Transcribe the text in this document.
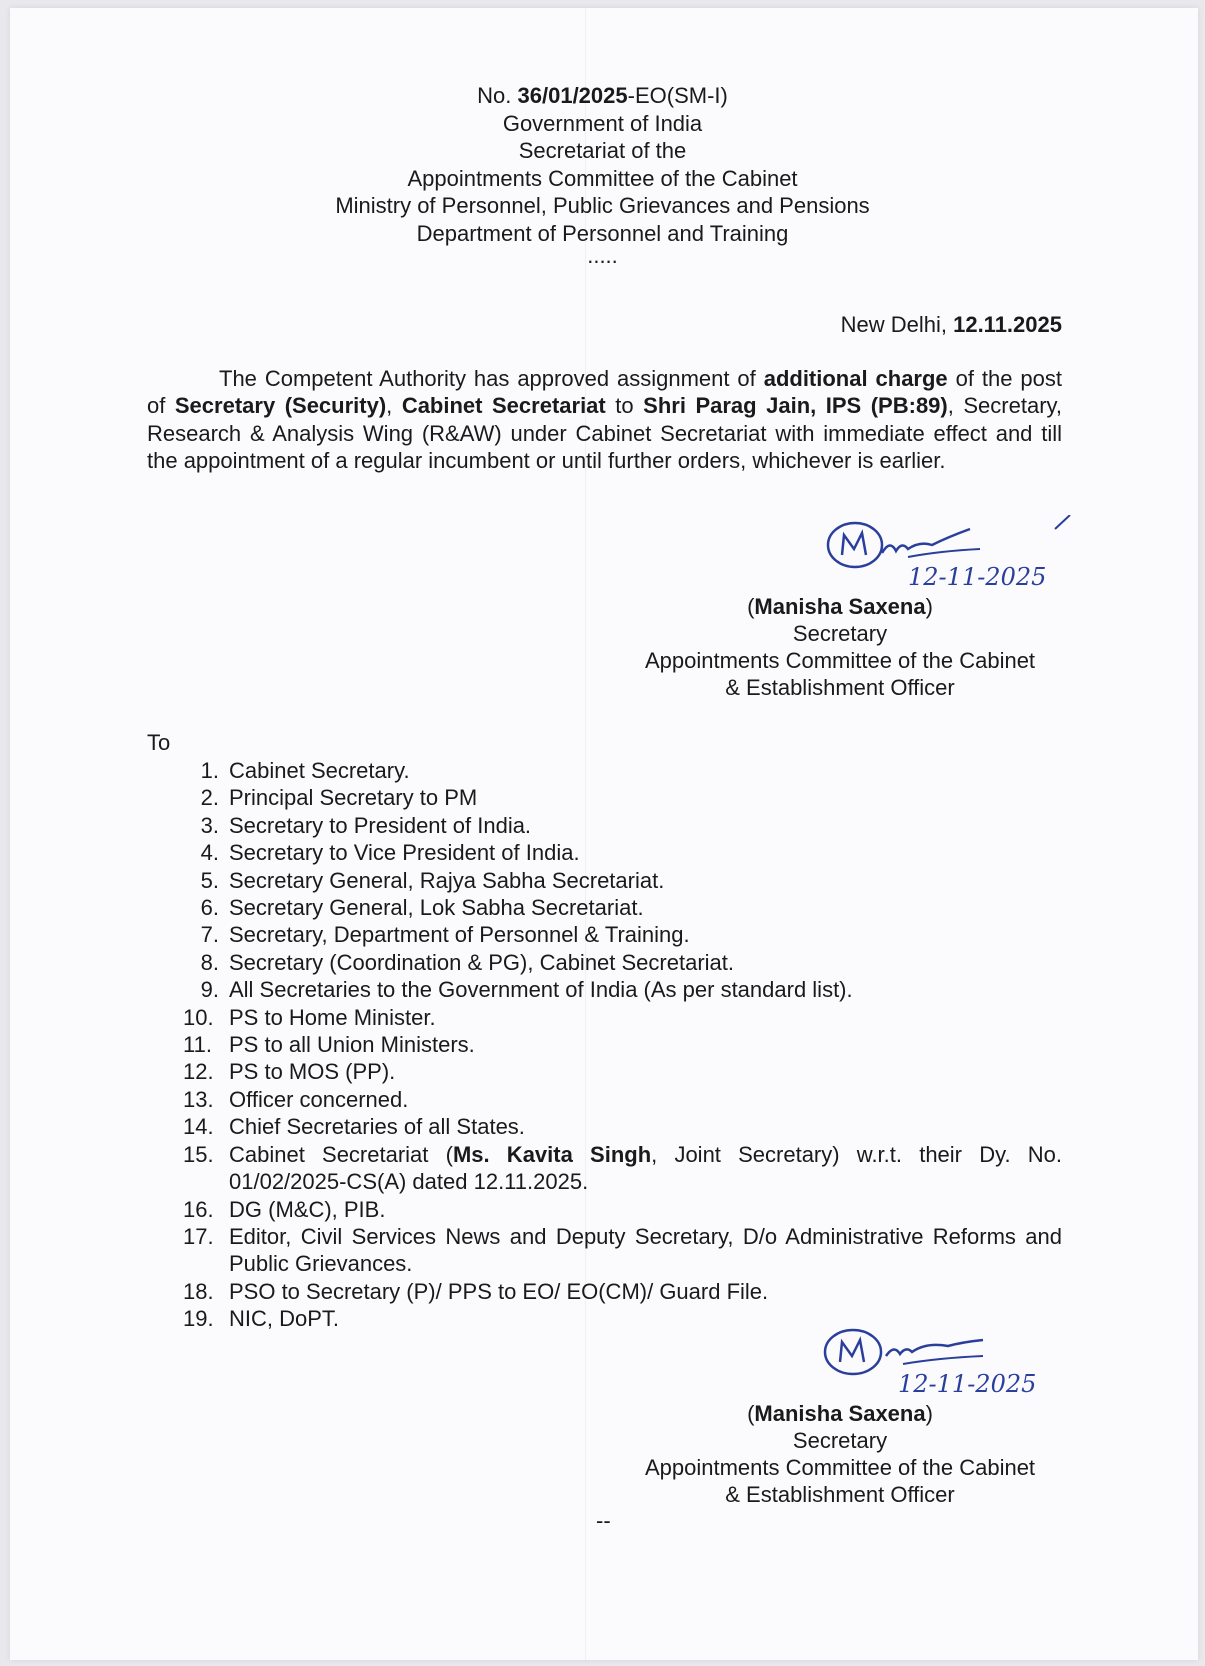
No. 36/01/2025-EO(SM-I)
Government of India
Secretariat of the
Appointments Committee of the Cabinet
Ministry of Personnel, Public Grievances and Pensions
Department of Personnel and Training
.....
New Delhi, 12.11.2025
The Competent Authority has approved assignment of additional charge of the post of Secretary (Security), Cabinet Secretariat to Shri Parag Jain, IPS (PB:89), Secretary, Research & Analysis Wing (R&AW) under Cabinet Secretariat with immediate effect and till the appointment of a regular incumbent or until further orders, whichever is earlier.
12-11-2025
(Manisha Saxena)
Secretary
Appointments Committee of the Cabinet
& Establishment Officer
To
1. Cabinet Secretary.
2. Principal Secretary to PM
3. Secretary to President of India.
4. Secretary to Vice President of India.
5. Secretary General, Rajya Sabha Secretariat.
6. Secretary General, Lok Sabha Secretariat.
7. Secretary, Department of Personnel & Training.
8. Secretary (Coordination & PG), Cabinet Secretariat.
9. All Secretaries to the Government of India (As per standard list).
10. PS to Home Minister.
11. PS to all Union Ministers.
12. PS to MOS (PP).
13. Officer concerned.
14. Chief Secretaries of all States.
15. Cabinet Secretariat (Ms. Kavita Singh, Joint Secretary) w.r.t. their Dy. No. 01/02/2025-CS(A) dated 12.11.2025.
16. DG (M&C), PIB.
17. Editor, Civil Services News and Deputy Secretary, D/o Administrative Reforms and Public Grievances.
18. PSO to Secretary (P)/ PPS to EO/ EO(CM)/ Guard File.
19. NIC, DoPT.
12-11-2025
(Manisha Saxena)
Secretary
Appointments Committee of the Cabinet
& Establishment Officer
--
